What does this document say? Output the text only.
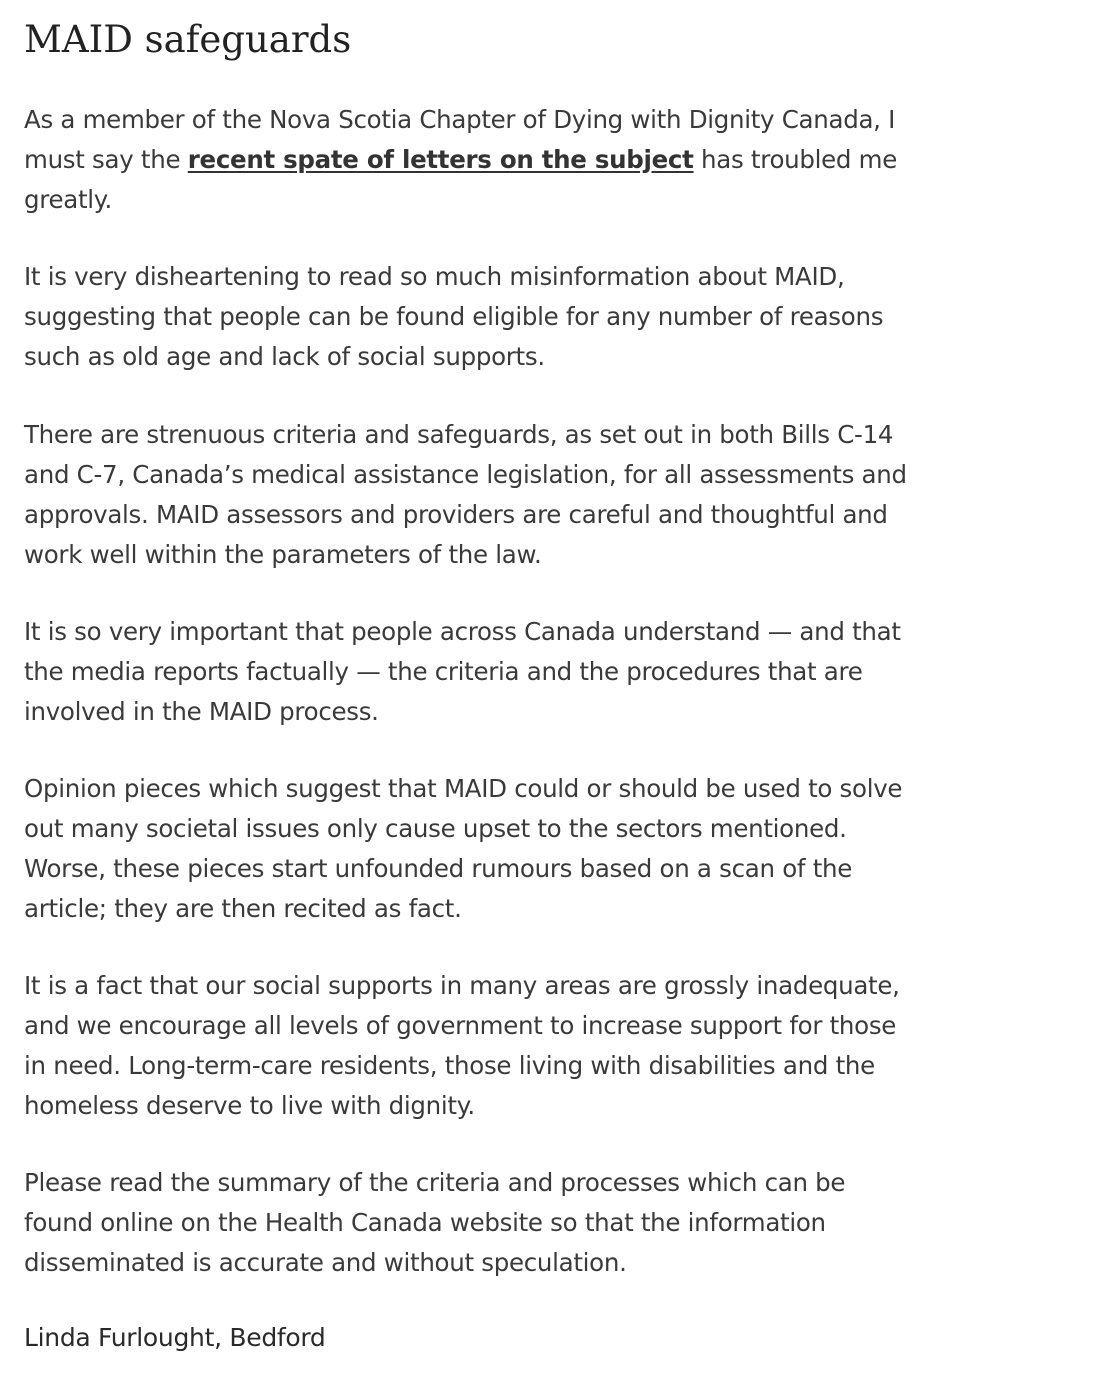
MAID safeguards

As a member of the Nova Scotia Chapter of Dying with Dignity Canada, I
must say the recent spate of letters on the subject has troubled me
greatly.

It is very disheartening to read so much misinformation about MAID,
suggesting that people can be found eligible for any number of reasons
such as old age and lack of social supports.

There are strenuous criteria and safeguards, as set out in both Bills C-14
and C-7, Canada’s medical assistance legislation, for all assessments and
approvals. MAID assessors and providers are careful and thoughtful and
work well within the parameters of the law.

It is so very important that people across Canada understand — and that
the media reports factually — the criteria and the procedures that are
involved in the MAID process.

Opinion pieces which suggest that MAID could or should be used to solve
out many societal issues only cause upset to the sectors mentioned.
Worse, these pieces start unfounded rumours based on a scan of the
article; they are then recited as fact.

It is a fact that our social supports in many areas are grossly inadequate,
and we encourage all levels of government to increase support for those
in need. Long-term-care residents, those living with disabilities and the
homeless deserve to live with dignity.

Please read the summary of the criteria and processes which can be
found online on the Health Canada website so that the information
disseminated is accurate and without speculation.

Linda Furlought, Bedford
